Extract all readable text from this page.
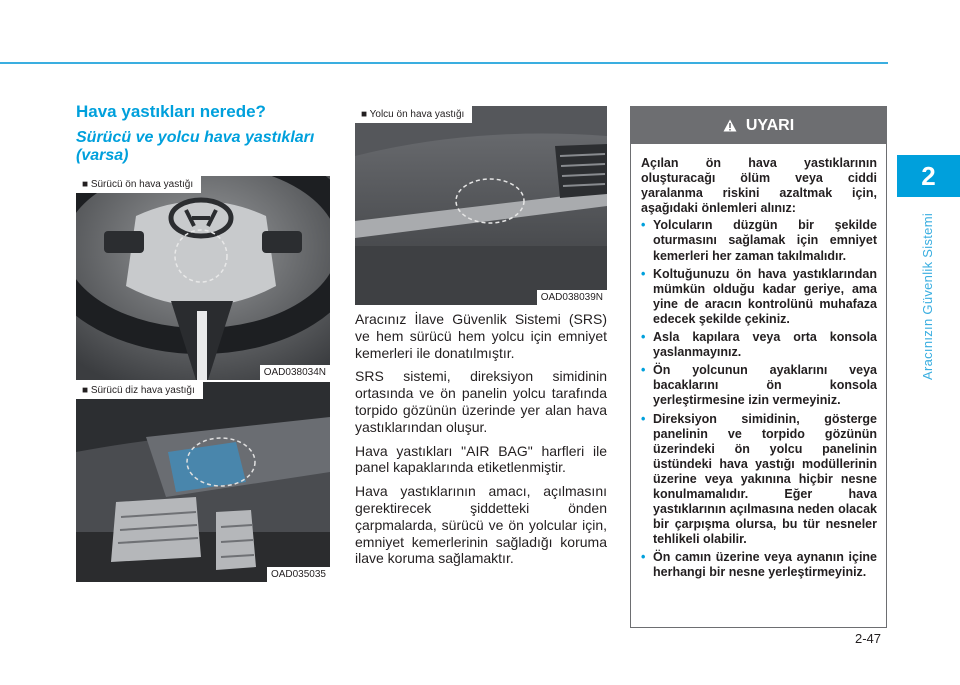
2
Aracınızın Güvenlik Sistemi
Hava yastıkları nerede?
Sürücü ve yolcu hava yastıkları (varsa)
■ Sürücü ön hava yastığı
OAD038034N
■ Sürücü diz hava yastığı
OAD035035
■ Yolcu ön hava yastığı
OAD038039N

Aracınız İlave Güvenlik Sistemi (SRS) ve hem sürücü hem yolcu için emniyet kemerleri ile donatılmıştır.

SRS sistemi, direksiyon simidinin ortasında ve ön panelin yolcu tarafında torpido gözünün üzerinde yer alan hava yastıklarından oluşur.

Hava yastıkları "AIR BAG" harfleri ile panel kapaklarında etiketlenmiştir.

Hava yastıklarının amacı, açılmasını gerektirecek şiddetteki önden çarpmalarda, sürücü ve ön yolcular için, emniyet kemerlerinin sağladığı koruma ilave koruma sağlamaktır.

UYARI

Açılan ön hava yastıklarının oluşturacağı ölüm veya ciddi yaralanma riskini azaltmak için, aşağıdaki önlemleri alınız:

• Yolcuların düzgün bir şekilde oturmasını sağlamak için emniyet kemerleri her zaman takılmalıdır.
• Koltuğunuzu ön hava yastıklarından mümkün olduğu kadar geriye, ama yine de aracın kontrolünü muhafaza edecek şekilde çekiniz.
• Asla kapılara veya orta konsola yaslanmayınız.
• Ön yolcunun ayaklarını veya bacaklarını ön konsola yerleştirmesine izin vermeyiniz.
• Direksiyon simidinin, gösterge panelinin ve torpido gözünün üzerindeki ön yolcu panelinin üstündeki hava yastığı modüllerinin üzerine veya yakınına hiçbir nesne konulmamalıdır. Eğer hava yastıklarının açılmasına neden olacak bir çarpışma olursa, bu tür nesneler tehlikeli olabilir.
• Ön camın üzerine veya aynanın içine herhangi bir nesne yerleştirmeyiniz.
2-47
